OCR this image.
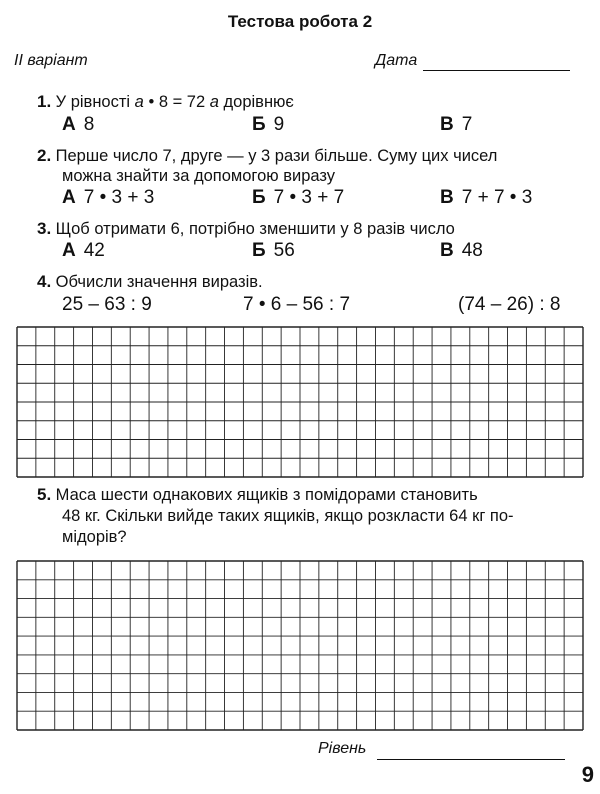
Тестова робота 2
ІІ варіант	Дата
1. У рівності a • 8 = 72 a дорівнює
А 8	Б 9	В 7
2. Перше число 7, друге — у 3 рази більше. Суму цих чисел
можна знайти за допомогою виразу
А 7 • 3 + 3	Б 7 • 3 + 7	В 7 + 7 • 3
3. Щоб отримати 6, потрібно зменшити у 8 разів число
А 42	Б 56	В 48
4. Обчисли значення виразів.
25 – 63 : 9	7 • 6 – 56 : 7	(74 – 26) : 8
5. Маса шести однакових ящиків з помідорами становить
48 кг. Скільки вийде таких ящиків, якщо розкласти 64 кг по-
мідорів?
Рівень
9
